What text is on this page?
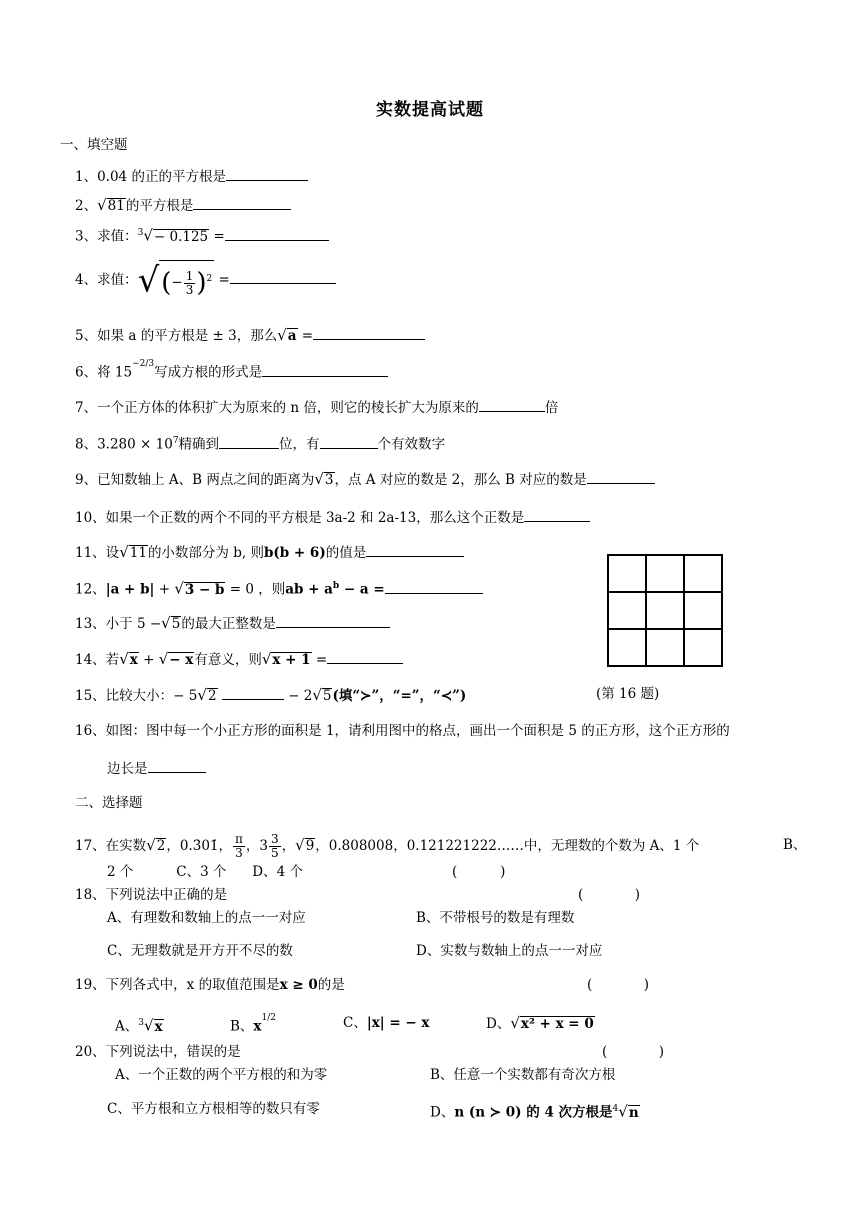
实数提高试题
一、填空题
1、0.04 的正的平方根是
2、√81的平方根是
3、求值：$^3$√− 0.125 =
4、求值：√(− $\frac{1}{3} )^2$ =
5、如果 a 的平方根是 ± 3，那么√a =
6、将 $15^{-2/3}$写成方根的形式是
7、一个正方体的体积扩大为原来的 n 倍，则它的棱长扩大为原来的	倍
8、$3.280 \times 10^7$精确到	位，有	个有效数字
9、已知数轴上 A、B 两点之间的距离为√3，点 A 对应的数是 2，那么 B 对应的数是
10、如果一个正数的两个不同的平方根是 3a-2 和 2a-13，那么这个正数是
11、设√11的小数部分为 b, 则b(b + 6)的值是
12、|a + b| + √3 − b = 0 ，则ab + $a^b - a$ =
13、小于 5 −√5的最大正整数是
14、若√x + √− x有意义，则√x + 1 =
15、比较大小：− 5√2	− 2√5(填“≻”，“=”，“≺”)	(第 16 题)
16、如图：图中每一个小正方形的面积是 1，请利用图中的格点，画出一个面积是 5 的正方形，这个正方形的
边长是
二、选择题
17、在实数√2，0.3̇01̇， $\frac{\pi}{3}$ ，$3 \frac{3}{5}$ ，√9，0.808008，0.121221222……中，无理数的个数为 A、1 个	B、
2 个          C、3 个      D、4 个	(          )
18、下列说法中正确的是	(            )
A、有理数和数轴上的点一一对应	B、不带根号的数是有理数
C、无理数就是开方开不尽的数	D、实数与数轴上的点一一对应
19、下列各式中，x 的取值范围是x ≥ 0的是	(            )
A、$^3$√x	B、$x^{1/2}$	C、|x| = − x	D、√x² + x = 0
20、下列说法中，错误的是	(            )
A、一个正数的两个平方根的和为零	B、任意一个实数都有奇次方根
C、平方根和立方根相等的数只有零	D、n (n ≻ 0) 的 4 次方根是$^4$√n
